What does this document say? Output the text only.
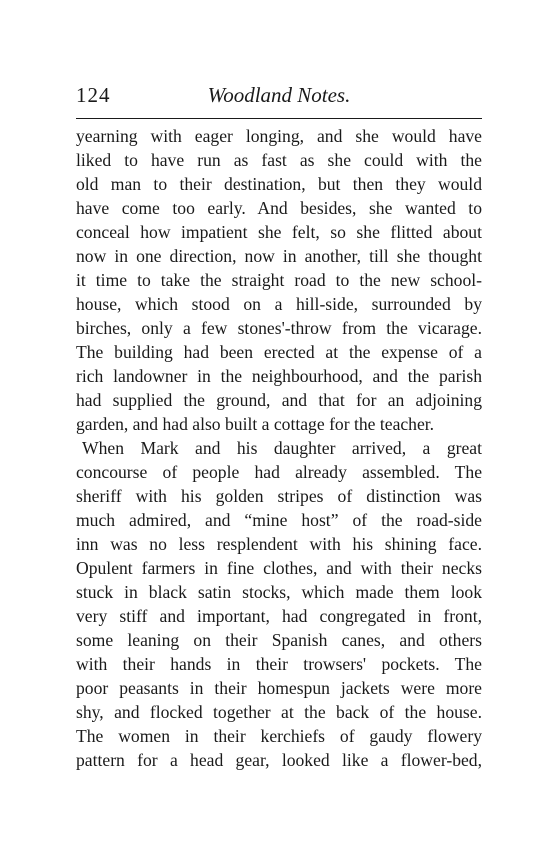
124	Woodland Notes.
yearning with eager longing, and she would have
liked to have run as fast as she could with the
old man to their destination, but then they would
have come too early. And besides, she wanted to
conceal how impatient she felt, so she flitted about
now in one direction, now in another, till she thought
it time to take the straight road to the new school-
house, which stood on a hill-side, surrounded by
birches, only a few stones'-throw from the vicarage.
The building had been erected at the expense of a
rich landowner in the neighbourhood, and the parish
had supplied the ground, and that for an adjoining
garden, and had also built a cottage for the teacher.
When Mark and his daughter arrived, a great
concourse of people had already assembled. The
sheriff with his golden stripes of distinction was
much admired, and “mine host” of the road-side
inn was no less resplendent with his shining face.
Opulent farmers in fine clothes, and with their necks
stuck in black satin stocks, which made them look
very stiff and important, had congregated in front,
some leaning on their Spanish canes, and others
with their hands in their trowsers' pockets. The
poor peasants in their homespun jackets were more
shy, and flocked together at the back of the house.
The women in their kerchiefs of gaudy flowery
pattern for a head gear, looked like a flower-bed,
